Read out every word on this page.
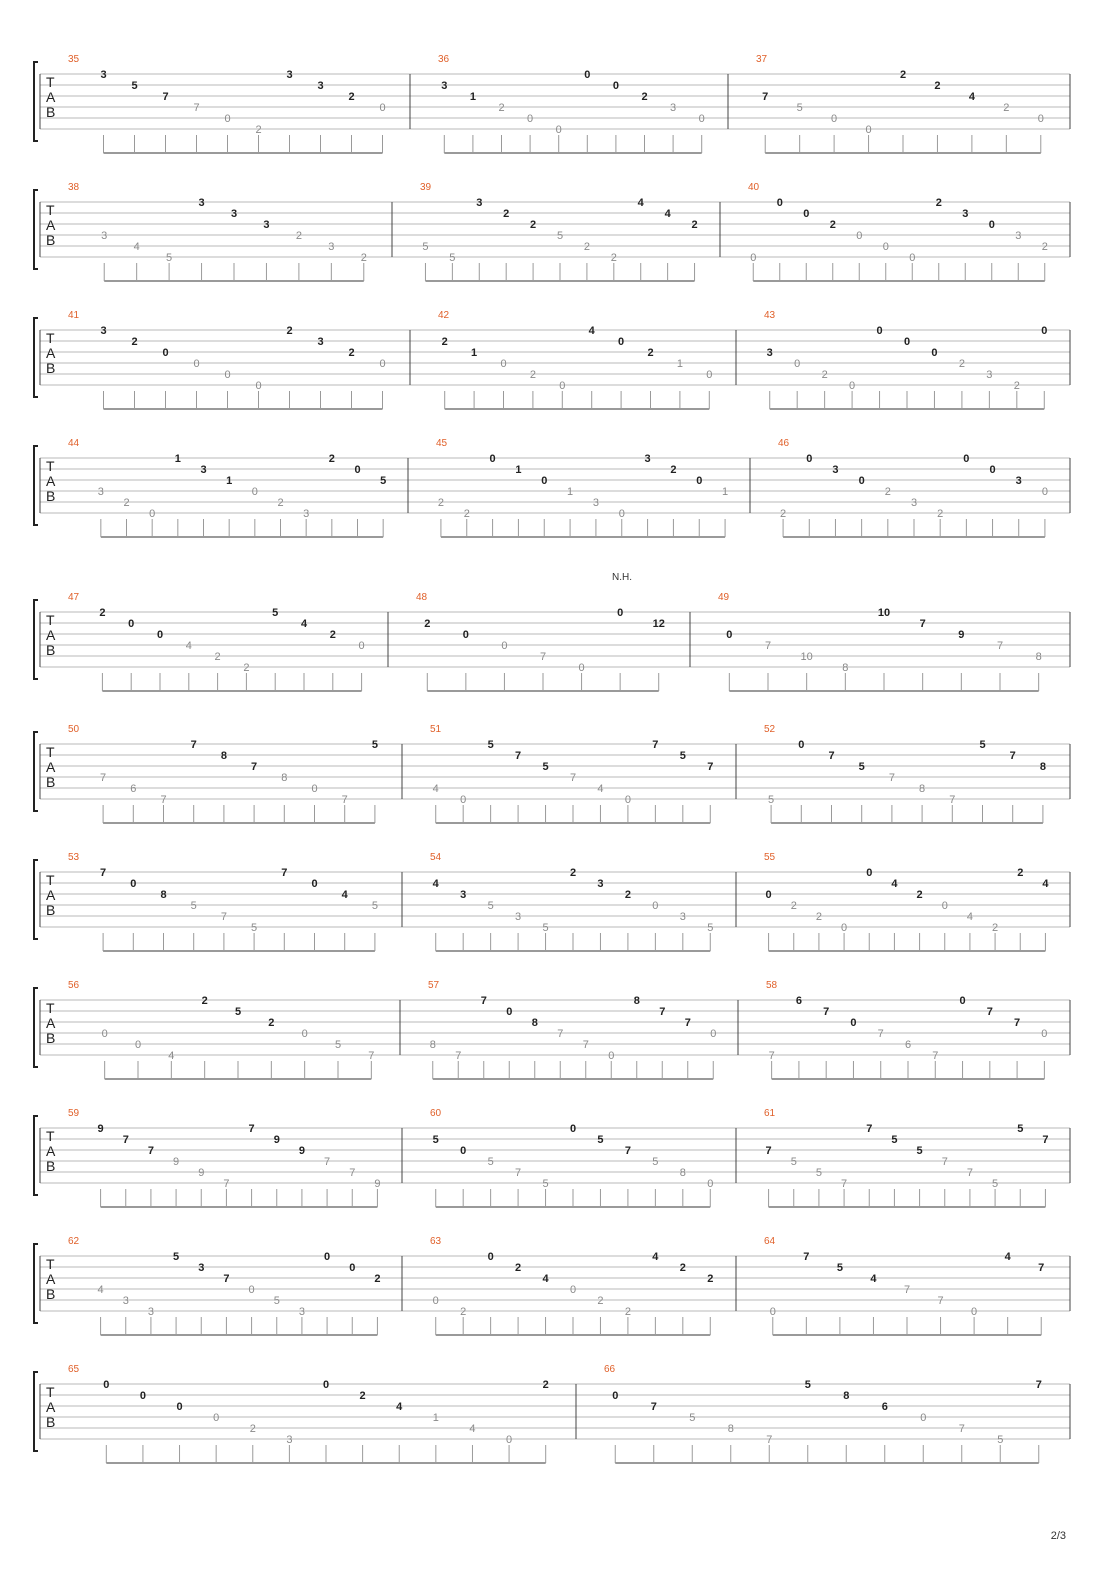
T
A
B
35
3
5
7
7
0
2
3
3
2
0
36
3
1
2
0
0
0
0
2
3
0
37
7
5
0
0
2
2
4
2
0
T
A
B
38
3
4
5
3
3
3
2
3
2
39
5
5
3
2
2
5
2
2
4
4
2
40
0
0
0
2
0
0
0
2
3
0
3
2
T
A
B
41
3
2
0
0
0
0
2
3
2
0
42
2
1
0
2
0
4
0
2
1
0
43
3
0
2
0
0
0
0
2
3
2
0
T
A
B
44
3
2
0
1
3
1
0
2
3
2
0
5
45
2
2
0
1
0
1
3
0
3
2
0
1
46
2
0
3
0
2
3
2
0
0
3
0
T
A
B
47
2
0
0
4
2
2
5
4
2
0
48
2
0
0
7
0
0
12
49
0
7
10
8
10
7
9
7
8
T
A
B
50
7
6
7
7
8
7
8
0
7
5
51
4
0
5
7
5
7
4
0
7
5
7
52
5
0
7
5
7
8
7
5
7
8
T
A
B
53
7
0
8
5
7
5
7
0
4
5
54
4
3
5
3
5
2
3
2
0
3
5
55
0
2
2
0
0
4
2
0
4
2
2
4
T
A
B
56
0
0
4
2
5
2
0
5
7
57
8
7
7
0
8
7
7
0
8
7
7
0
58
7
6
7
0
7
6
7
0
7
7
0
T
A
B
59
9
7
7
9
9
7
7
9
9
7
7
9
60
5
0
5
7
5
0
5
7
5
8
0
61
7
5
5
7
7
5
5
7
7
5
5
7
T
A
B
62
4
3
3
5
3
7
0
5
3
0
0
2
63
0
2
0
2
4
0
2
2
4
2
2
64
0
7
5
4
7
7
0
4
7
T
A
B
65
0
0
0
0
2
3
0
2
4
1
4
0
2
66
0
7
5
8
7
5
8
6
0
7
5
7
N.H.
2/3
